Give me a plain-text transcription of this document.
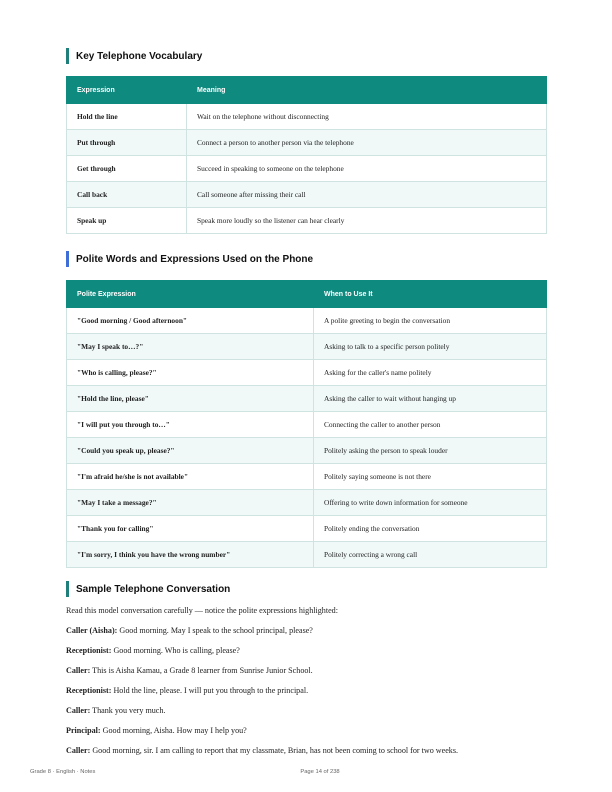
Key Telephone Vocabulary
Expression	Meaning
Hold the line	Wait on the telephone without disconnecting
Put through	Connect a person to another person via the telephone
Get through	Succeed in speaking to someone on the telephone
Call back	Call someone after missing their call
Speak up	Speak more loudly so the listener can hear clearly
Polite Words and Expressions Used on the Phone
Polite Expression	When to Use It
"Good morning / Good afternoon"	A polite greeting to begin the conversation
"May I speak to…?"	Asking to talk to a specific person politely
"Who is calling, please?"	Asking for the caller's name politely
"Hold the line, please"	Asking the caller to wait without hanging up
"I will put you through to…"	Connecting the caller to another person
"Could you speak up, please?"	Politely asking the person to speak louder
"I'm afraid he/she is not available"	Politely saying someone is not there
"May I take a message?"	Offering to write down information for someone
"Thank you for calling"	Politely ending the conversation
"I'm sorry, I think you have the wrong number"	Politely correcting a wrong call
Sample Telephone Conversation
Read this model conversation carefully — notice the polite expressions highlighted:
Caller (Aisha): Good morning. May I speak to the school principal, please?
Receptionist: Good morning. Who is calling, please?
Caller: This is Aisha Kamau, a Grade 8 learner from Sunrise Junior School.
Receptionist: Hold the line, please. I will put you through to the principal.
Caller: Thank you very much.
Principal: Good morning, Aisha. How may I help you?
Caller: Good morning, sir. I am calling to report that my classmate, Brian, has not been coming to school for two weeks.
Grade 8 · English · Notes	Page 14 of 238
